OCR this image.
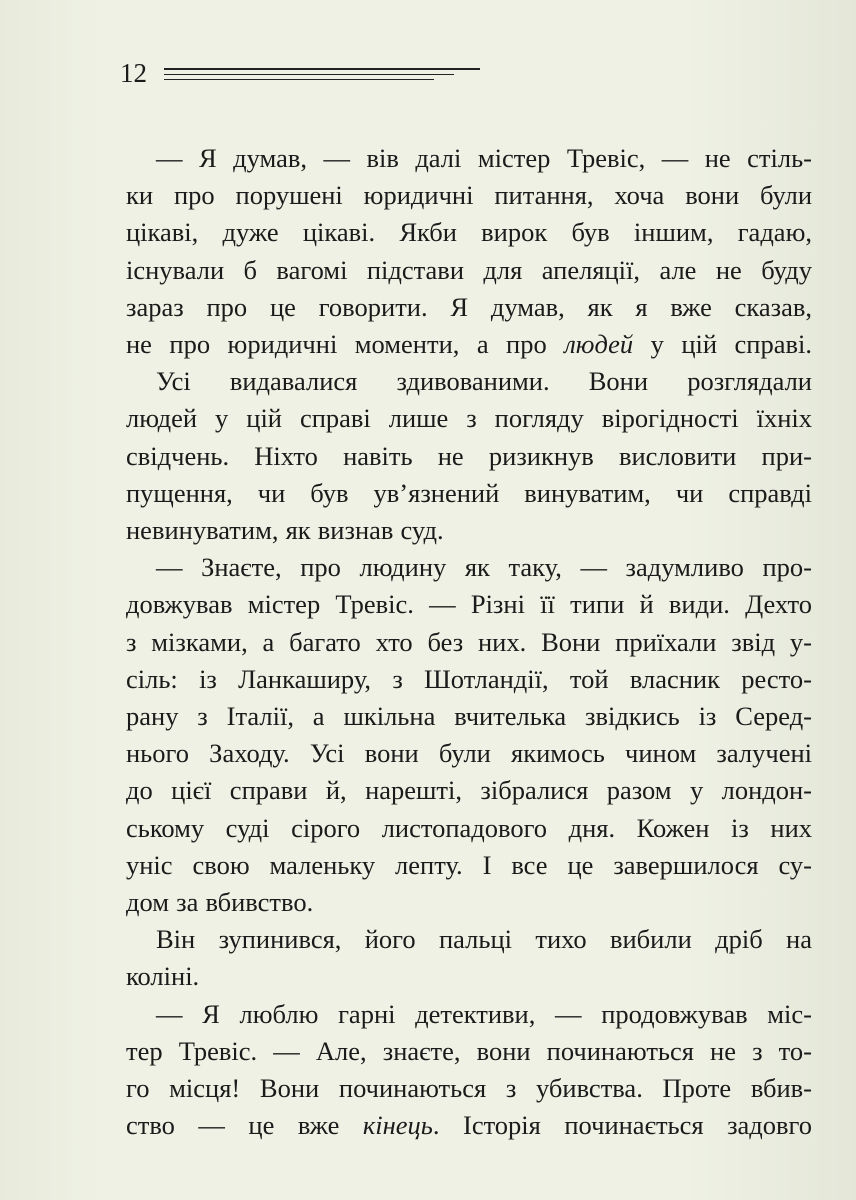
12
— Я думав, — вів далі містер Тревіс, — не стіль-
ки про порушені юридичні питання, хоча вони були
цікаві, дуже цікаві. Якби вирок був іншим, гадаю,
існували б вагомі підстави для апеляції, але не буду
зараз про це говорити. Я думав, як я вже сказав,
не про юридичні моменти, а про людей у цій справі.
Усі видавалися здивованими. Вони розглядали
людей у цій справі лише з погляду вірогідності їхніх
свідчень. Ніхто навіть не ризикнув висловити при-
пущення, чи був ув’язнений винуватим, чи справді
невинуватим, як визнав суд.
— Знаєте, про людину як таку, — задумливо про-
довжував містер Тревіс. — Різні її типи й види. Дехто
з мізками, а багато хто без них. Вони приїхали звід у-
сіль: із Ланкаширу, з Шотландії, той власник ресто-
рану з Італії, а шкільна вчителька звідкись із Серед-
нього Заходу. Усі вони були якимось чином залучені
до цієї справи й, нарешті, зібралися разом у лондон-
ському суді сірого листопадового дня. Кожен із них
уніс свою маленьку лепту. І все це завершилося су-
дом за вбивство.
Він зупинився, його пальці тихо вибили дріб на
коліні.
— Я люблю гарні детективи, — продовжував міс-
тер Тревіс. — Але, знаєте, вони починаються не з то-
го місця! Вони починаються з убивства. Проте вбив-
ство — це вже кінець. Історія починається задовго
